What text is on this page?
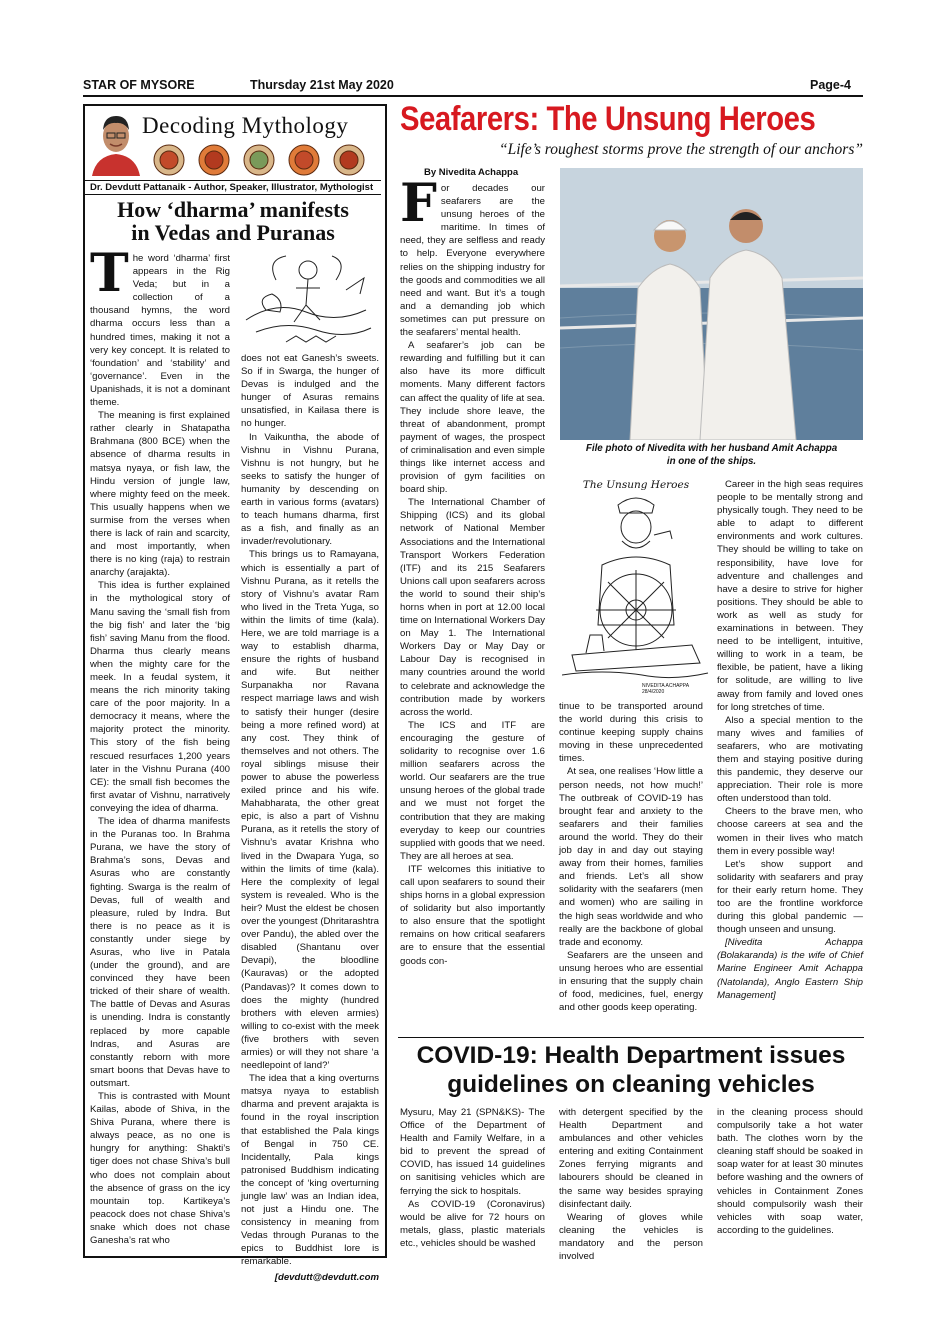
STAR OF MYSORE	Thursday 21st May 2020	Page-4
Decoding Mythology
Dr. Devdutt Pattanaik - Author, Speaker, Illustrator, Mythologist
How ‘dharma’ manifests
in Vedas and Puranas
T he word ‘dharma’ first appears in the Rig Veda; but in a collection of a thousand hymns, the word dharma occurs less than a hundred times, making it not a very key concept. It is related to ‘foundation’ and ‘stability’ and ‘governance’. Even in the Upanishads, it is not a dominant theme.

The meaning is first explained rather clearly in Shatapatha Brahmana (800 BCE) when the absence of dharma results in matsya nyaya, or fish law, the Hindu version of jungle law, where mighty feed on the meek. This usually happens when we surmise from the verses when there is lack of rain and scarcity, and most importantly, when there is no king (raja) to restrain anarchy (arajakta).

This idea is further explained in the mythological story of Manu saving the ‘small fish from the big fish’ and later the ‘big fish’ saving Manu from the flood. Dharma thus clearly means when the mighty care for the meek. In a feudal system, it means the rich minority taking care of the poor majority. In a democracy it means, where the majority protect the minority. This story of the fish being rescued resurfaces 1,200 years later in the Vishnu Purana (400 CE): the small fish becomes the first avatar of Vishnu, narratively conveying the idea of dharma.

The idea of dharma manifests in the Puranas too. In Brahma Purana, we have the story of Brahma’s sons, Devas and Asuras who are constantly fighting. Swarga is the realm of Devas, full of wealth and pleasure, ruled by Indra. But there is no peace as it is constantly under siege by Asuras, who live in Patala (under the ground), and are convinced they have been tricked of their share of wealth. The battle of Devas and Asuras is unending. Indra is constantly replaced by more capable Indras, and Asuras are constantly reborn with more smart boons that Devas have to outsmart.

This is contrasted with Mount Kailas, abode of Shiva, in the Shiva Purana, where there is always peace, as no one is hungry for anything: Shakti’s tiger does not chase Shiva’s bull who does not complain about the absence of grass on the icy mountain top. Kartikeya’s peacock does not chase Shiva’s snake which does not chase Ganesha’s rat who

does not eat Ganesh’s sweets. So if in Swarga, the hunger of Devas is indulged and the hunger of Asuras remains unsatisfied, in Kailasa there is no hunger.

In Vaikuntha, the abode of Vishnu in Vishnu Purana, Vishnu is not hungry, but he seeks to satisfy the hunger of humanity by descending on earth in various forms (avatars) to teach humans dharma, first as a fish, and finally as an invader/revolutionary.

This brings us to Ramayana, which is essentially a part of Vishnu Purana, as it retells the story of Vishnu’s avatar Ram who lived in the Treta Yuga, so within the limits of time (kala). Here, we are told marriage is a way to establish dharma, ensure the rights of husband and wife. But neither Surpanakha nor Ravana respect marriage laws and wish to satisfy their hunger (desire being a more refined word) at any cost. They think of themselves and not others. The royal siblings misuse their power to abuse the powerless exiled prince and his wife. Mahabharata, the other great epic, is also a part of Vishnu Purana, as it retells the story of Vishnu’s avatar Krishna who lived in the Dwapara Yuga, so within the limits of time (kala). Here the complexity of legal system is revealed. Who is the heir? Must the eldest be chosen over the youngest (Dhritarashtra over Pandu), the abled over the disabled (Shantanu over Devapi), the bloodline (Kauravas) or the adopted (Pandavas)? It comes down to does the mighty (hundred brothers with eleven armies) willing to co-exist with the meek (five brothers with seven armies) or will they not share ‘a needlepoint of land?’

The idea that a king overturns matsya nyaya to establish dharma and prevent arajakta is found in the royal inscription that established the Pala kings of Bengal in 750 CE. Incidentally, Pala kings patronised Buddhism indicating the concept of ‘king overturning jungle law’ was an Indian idea, not just a Hindu one. The consistency in meaning from Vedas through Puranas to the epics to Buddhist lore is remarkable.

[devdutt@devdutt.com
Seafarers: The Unsung Heroes
“Life’s roughest storms prove the strength of our anchors”
By Nivedita Achappa
File photo of Nivedita with her husband Amit Achappa
in one of the ships.
The Unsung Heroes
NIVEDITA ACHAPPA 28/4/2020
F or decades our seafarers are the unsung heroes of the maritime. In times of need, they are selfless and ready to help. Everyone everywhere relies on the shipping industry for the goods and commodities we all need and want. But it’s a tough and a demanding job which sometimes can put pressure on the seafarers’ mental health.

A seafarer’s job can be rewarding and fulfilling but it can also have its more difficult moments. Many different factors can affect the quality of life at sea. They include shore leave, the threat of abandonment, prompt payment of wages, the prospect of criminalisation and even simple things like internet access and provision of gym facilities on board ship.

The International Chamber of Shipping (ICS) and its global network of National Member Associations and the International Transport Workers Federation (ITF) and its 215 Seafarers Unions call upon seafarers across the world to sound their ship’s horns when in port at 12.00 local time on International Workers Day on May 1. The International Workers Day or May Day or Labour Day is recognised in many countries around the world to celebrate and acknowledge the contribution made by workers across the world.

The ICS and ITF are encouraging the gesture of solidarity to recognise over 1.6 million seafarers across the world. Our seafarers are the true unsung heroes of the global trade and we must not forget the contribution that they are making everyday to keep our countries supplied with goods that we need. They are all heroes at sea.

ITF welcomes this initiative to call upon seafarers to sound their ships horns in a global expression of solidarity but also importantly to also ensure that the spotlight remains on how critical seafarers are to ensure that the essential goods con-

tinue to be transported around the world during this crisis to continue keeping supply chains moving in these unprecedented times.

At sea, one realises ‘How little a person needs, not how much!’ The outbreak of COVID-19 has brought fear and anxiety to the seafarers and their families around the world. They do their job day in and day out staying away from their homes, families and friends. Let’s all show solidarity with the seafarers (men and women) who are sailing in the high seas worldwide and who really are the backbone of global trade and economy.

Seafarers are the unseen and unsung heroes who are essential in ensuring that the supply chain of food, medicines, fuel, energy and other goods keep operating.

Career in the high seas requires people to be mentally strong and physically tough. They need to be able to adapt to different environments and work cultures. They should be willing to take on responsibility, have love for adventure and challenges and have a desire to strive for higher positions. They should be able to work as well as study for examinations in between. They need to be intelligent, intuitive, willing to work in a team, be flexible, be patient, have a liking for solitude, are willing to live away from family and loved ones for long stretches of time.

Also a special mention to the many wives and families of seafarers, who are motivating them and staying positive during this pandemic, they deserve our appreciation. Their role is more often understood than told.

Cheers to the brave men, who choose careers at sea and the women in their lives who match them in every possible way!

Let’s show support and solidarity with seafarers and pray for their early return home. They too are the frontline workforce during this global pandemic — though unseen and unsung.

[Nivedita Achappa (Bolakaranda) is the wife of Chief Marine Engineer Amit Achappa (Natolanda), Anglo Eastern Ship Management]

COVID-19: Health Department issues
guidelines on cleaning vehicles

Mysuru, May 21 (SPN&KS)- The Office of the Department of Health and Family Welfare, in a bid to prevent the spread of COVID, has issued 14 guidelines on sanitising vehicles which are ferrying the sick to hospitals.

As COVID-19 (Coronavirus) would be alive for 72 hours on metals, glass, plastic materials etc., vehicles should be washed

with detergent specified by the Health Department and ambulances and other vehicles entering and exiting Containment Zones ferrying migrants and labourers should be cleaned in the same way besides spraying disinfectant daily.

Wearing of gloves while cleaning the vehicles is mandatory and the person involved

in the cleaning process should compulsorily take a hot water bath. The clothes worn by the cleaning staff should be soaked in soap water for at least 30 minutes before washing and the owners of vehicles in Containment Zones should compulsorily wash their vehicles with soap water, according to the guidelines.
